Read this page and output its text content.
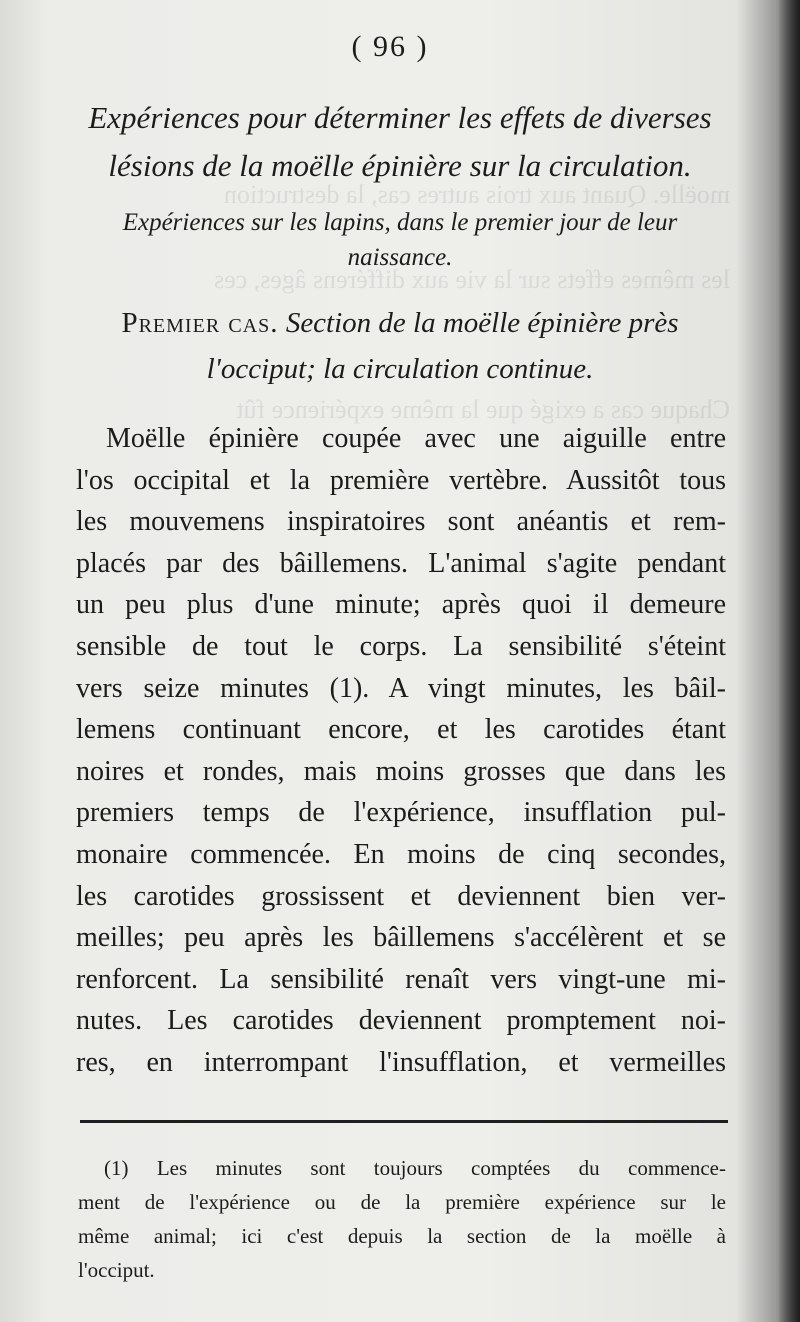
moëlle. Quant aux trois autres cas, la destruction
les mêmes effets sur la vie aux différens âges, ces
Chaque cas a exigé que la même expérience fût
( 96 )
Expériences pour déterminer les effets de diverses
lésions de la moëlle épinière sur la circulation.
Expériences sur les lapins, dans le premier jour de leur
naissance.
Premier cas. Section de la moëlle épinière près
l'occiput; la circulation continue.
Moëlle épinière coupée avec une aiguille entre
l'os occipital et la première vertèbre. Aussitôt tous
les mouvemens inspiratoires sont anéantis et rem-
placés par des bâillemens. L'animal s'agite pendant
un peu plus d'une minute; après quoi il demeure
sensible de tout le corps. La sensibilité s'éteint
vers seize minutes (1). A vingt minutes, les bâil-
lemens continuant encore, et les carotides étant
noires et rondes, mais moins grosses que dans les
premiers temps de l'expérience, insufflation pul-
monaire commencée. En moins de cinq secondes,
les carotides grossissent et deviennent bien ver-
meilles; peu après les bâillemens s'accélèrent et se
renforcent. La sensibilité renaît vers vingt-une mi-
nutes. Les carotides deviennent promptement noi-
res, en interrompant l'insufflation, et vermeilles
(1) Les minutes sont toujours comptées du commence-
ment de l'expérience ou de la première expérience sur le
même animal; ici c'est depuis la section de la moëlle à
l'occiput.
